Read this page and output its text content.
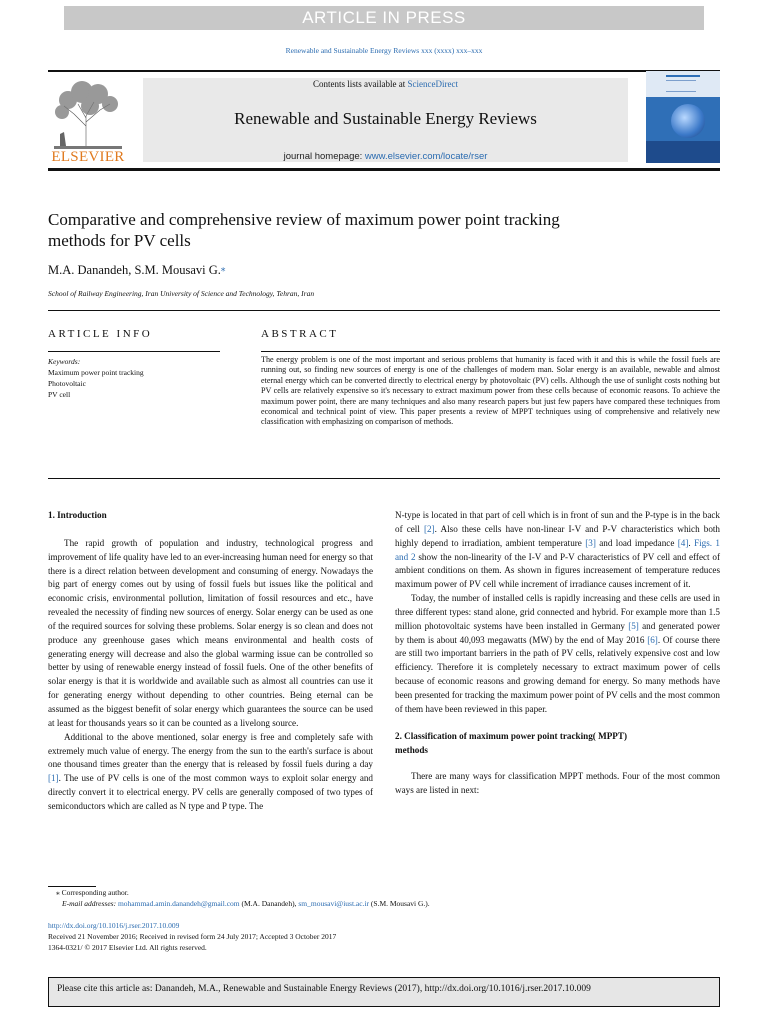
ARTICLE IN PRESS
Renewable and Sustainable Energy Reviews xxx (xxxx) xxx–xxx
ELSEVIER
Contents lists available at ScienceDirect
Renewable and Sustainable Energy Reviews
journal homepage: www.elsevier.com/locate/rser
Comparative and comprehensive review of maximum power point tracking
methods for PV cells
M.A. Danandeh, S.M. Mousavi G.⁎
School of Railway Engineering, Iran University of Science and Technology, Tehran, Iran
ARTICLE INFO	ABSTRACT
Keywords:
Maximum power point tracking
Photovoltaic
PV cell
The energy problem is one of the most important and serious problems that humanity is faced with it and this is while the fossil fuels are running out, so finding new sources of energy is one of the challenges of modern man. Solar energy is an available, newable and almost eternal energy which can be converted directly to electrical energy by photovoltaic (PV) cells. Although the use of sunlight costs nothing but PV cells are relatively expensive so it's necessary to extract maximum power from these cells because of economic reasons. To achieve the maximum power point, there are many techniques and also many research papers but just few papers have compared these techniques from economical and technical point of view. This paper presents a review of MPPT techniques using of comprehensive and relatively new classification with emphasizing on comparison of methods.
1. Introduction

The rapid growth of population and industry, technological progress and improvement of life quality have led to an ever-increasing human need for energy so that there is a direct relation between development and consuming of energy. Nowadays the big part of energy comes out by using of fossil fuels but issues like the political and economic crisis, environmental pollution, limitation of fossil resources and etc., have revealed the necessity of finding new sources of energy. Solar energy can be used as one of the required sources for solving these problems. Solar energy is so clean and does not produce any greenhouse gases which means environmental and health costs of generating energy will decrease and also the global warming issue can be controlled so better by using of renewable energy instead of fossil fuels. One of the other benefits of solar energy is that it is worldwide and available such as almost all countries can use it for generating energy without depending to other countries. Being eternal can be assumed as the biggest benefit of solar energy which guarantees the source can be used at least for thousands years so it can be counted as a livelong source.

Additional to the above mentioned, solar energy is free and completely safe with extremely much value of energy. The energy from the sun to the earth's surface is about one thousand times greater than the energy that is released by fossil fuels during a day [1]. The use of PV cells is one of the most common ways to exploit solar energy and directly convert it to electrical energy. PV cells are generally composed of two types of semiconductors which are called as N type and P type. The

N-type is located in that part of cell which is in front of sun and the P-type is in the back of cell [2]. Also these cells have non-linear I-V and P-V characteristics which both highly depend to irradiation, ambient temperature [3] and load impedance [4]. Figs. 1 and 2 show the non-linearity of the I-V and P-V characteristics of PV cell and effect of ambient conditions on them. As shown in figures increasement of temperature reduces maximum power of PV cell while increment of irradiance causes increment of it.

Today, the number of installed cells is rapidly increasing and these cells are used in three different types: stand alone, grid connected and hybrid. For example more than 1.5 million photovoltaic systems have been installed in Germany [5] and generated power by them is about 40,093 megawatts (MW) by the end of May 2016 [6]. Of course there are still two important barriers in the path of PV cells, relatively expensive cost and low efficiency. Therefore it is completely necessary to extract maximum power of cells because of economic reasons and growing demand for energy. So many methods have been presented for tracking the maximum power point of PV cells and the most common of them have been reviewed in this paper.

2. Classification of maximum power point tracking( MPPT)
methods

There are many ways for classification MPPT methods. Four of the most common ways are listed in next:

⁎ Corresponding author.
E-mail addresses: mohammad.amin.danandeh@gmail.com (M.A. Danandeh), sm_mousavi@iust.ac.ir (S.M. Mousavi G.).
http://dx.doi.org/10.1016/j.rser.2017.10.009
Received 21 November 2016; Received in revised form 24 July 2017; Accepted 3 October 2017
1364-0321/ © 2017 Elsevier Ltd. All rights reserved.
Please cite this article as: Danandeh, M.A., Renewable and Sustainable Energy Reviews (2017), http://dx.doi.org/10.1016/j.rser.2017.10.009
